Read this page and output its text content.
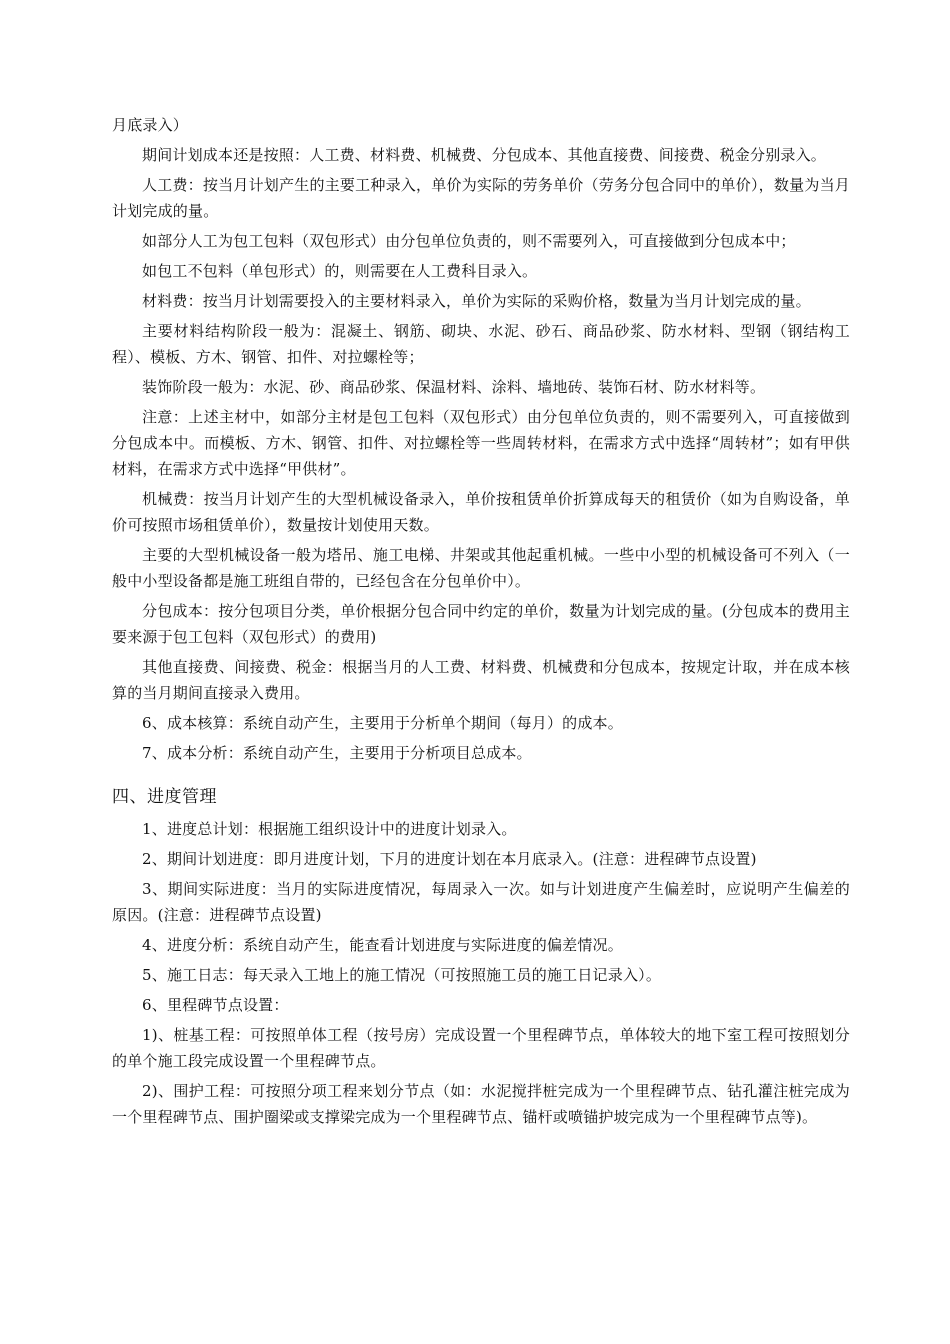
月底录入）

期间计划成本还是按照：人工费、材料费、机械费、分包成本、其他直接费、间接费、税金分别录入。

人工费：按当月计划产生的主要工种录入，单价为实际的劳务单价（劳务分包合同中的单价），数量为当月计划完成的量。

如部分人工为包工包料（双包形式）由分包单位负责的，则不需要列入，可直接做到分包成本中；

如包工不包料（单包形式）的，则需要在人工费科目录入。

材料费：按当月计划需要投入的主要材料录入，单价为实际的采购价格，数量为当月计划完成的量。

主要材料结构阶段一般为：混凝土、钢筋、砌块、水泥、砂石、商品砂浆、防水材料、型钢（钢结构工程）、模板、方木、钢管、扣件、对拉螺栓等；

装饰阶段一般为：水泥、砂、商品砂浆、保温材料、涂料、墙地砖、装饰石材、防水材料等。

注意：上述主材中，如部分主材是包工包料（双包形式）由分包单位负责的，则不需要列入，可直接做到分包成本中。而模板、方木、钢管、扣件、对拉螺栓等一些周转材料，在需求方式中选择“周转材”；如有甲供材料，在需求方式中选择“甲供材”。

机械费：按当月计划产生的大型机械设备录入，单价按租赁单价折算成每天的租赁价（如为自购设备，单价可按照市场租赁单价），数量按计划使用天数。

主要的大型机械设备一般为塔吊、施工电梯、井架或其他起重机械。一些中小型的机械设备可不列入（一般中小型设备都是施工班组自带的，已经包含在分包单价中）。

分包成本：按分包项目分类，单价根据分包合同中约定的单价，数量为计划完成的量。(分包成本的费用主要来源于包工包料（双包形式）的费用)

其他直接费、间接费、税金：根据当月的人工费、材料费、机械费和分包成本，按规定计取，并在成本核算的当月期间直接录入费用。

6、成本核算：系统自动产生，主要用于分析单个期间（每月）的成本。

7、成本分析：系统自动产生，主要用于分析项目总成本。

四、进度管理

1、进度总计划：根据施工组织设计中的进度计划录入。

2、期间计划进度：即月进度计划，下月的进度计划在本月底录入。(注意：进程碑节点设置)

3、期间实际进度：当月的实际进度情况，每周录入一次。如与计划进度产生偏差时，应说明产生偏差的原因。(注意：进程碑节点设置)

4、进度分析：系统自动产生，能查看计划进度与实际进度的偏差情况。

5、施工日志：每天录入工地上的施工情况（可按照施工员的施工日记录入）。

6、里程碑节点设置：

1)、桩基工程：可按照单体工程（按号房）完成设置一个里程碑节点，单体较大的地下室工程可按照划分的单个施工段完成设置一个里程碑节点。

2)、围护工程：可按照分项工程来划分节点（如：水泥搅拌桩完成为一个里程碑节点、钻孔灌注桩完成为一个里程碑节点、围护圈梁或支撑梁完成为一个里程碑节点、锚杆或喷锚护坡完成为一个里程碑节点等)。
